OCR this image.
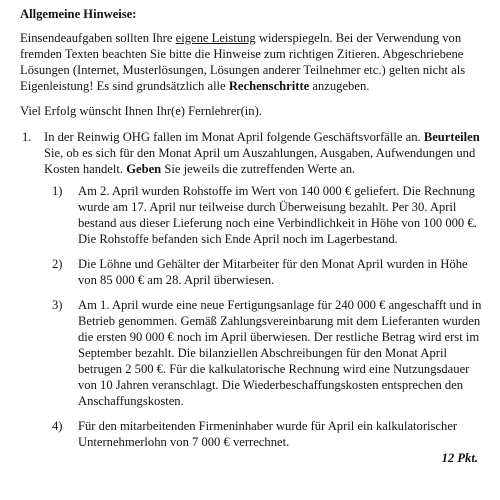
Allgemeine Hinweise:

Einsendeaufgaben sollten Ihre eigene Leistung widerspiegeln. Bei der Verwendung von fremden Texten beachten Sie bitte die Hinweise zum richtigen Zitieren. Abgeschriebene Lösungen (Internet, Musterlösungen, Lösungen anderer Teilnehmer etc.) gelten nicht als Eigenleistung! Es sind grundsätzlich alle Rechenschritte anzugeben.

Viel Erfolg wünscht Ihnen Ihr(e) Fernlehrer(in).

1. In der Reinwig OHG fallen im Monat April folgende Geschäftsvorfälle an. Beurteilen Sie, ob es sich für den Monat April um Auszahlungen, Ausgaben, Aufwendungen und Kosten handelt. Geben Sie jeweils die zutreffenden Werte an.
1)	Am 2. April wurden Rohstoffe im Wert von 140 000 € geliefert. Die Rechnung wurde am 17. April nur teilweise durch Überweisung bezahlt. Per 30. April bestand aus dieser Lieferung noch eine Verbindlichkeit in Höhe von 100 000 €. Die Rohstoffe befanden sich Ende April noch im Lagerbestand.
2)	Die Löhne und Gehälter der Mitarbeiter für den Monat April wurden in Höhe von 85 000 € am 28. April überwiesen.
3)	Am 1. April wurde eine neue Fertigungsanlage für 240 000 € angeschafft und in Betrieb genommen. Gemäß Zahlungsvereinbarung mit dem Lieferanten wurden die ersten 90 000 € noch im April überwiesen. Der restliche Betrag wird erst im September bezahlt. Die bilanziellen Abschreibungen für den Monat April betrugen 2 500 €. Für die kalkulatorische Rechnung wird eine Nutzungsdauer von 10 Jahren veranschlagt. Die Wiederbeschaffungskosten entsprechen den Anschaffungskosten.
4)	Für den mitarbeitenden Firmeninhaber wurde für April ein kalkulatorischer Unternehmerlohn von 7 000 € verrechnet.
12 Pkt.
